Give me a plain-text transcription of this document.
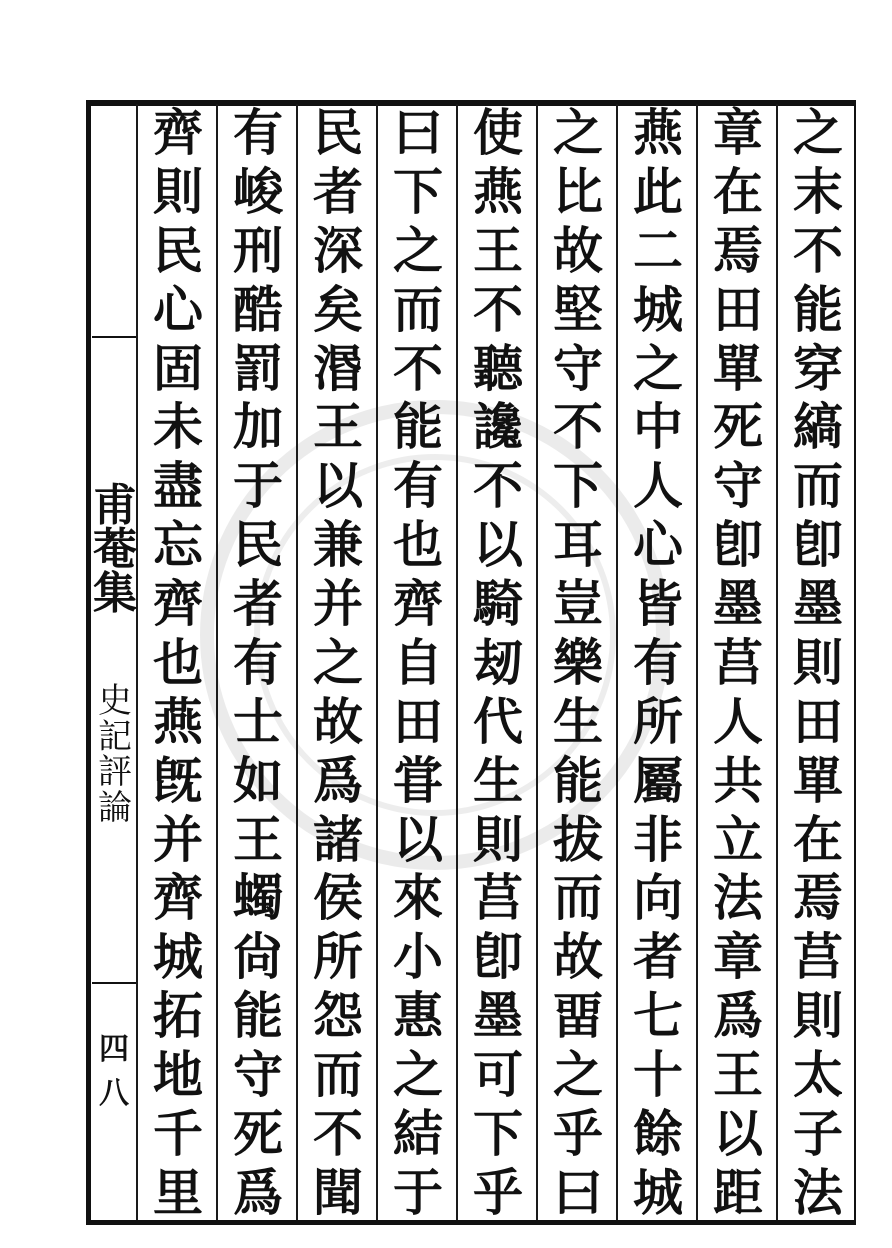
甫
菴
集
史
記
評
論
四八
之
末
不
能
穿
縞
而
卽
墨
則
田
單
在
焉
莒
則
太
子
法
章
在
焉
田
單
死
守
卽
墨
莒
人
共
立
法
章
爲
王
以
距
燕
此
二
城
之
中
人
心
皆
有
所
屬
非
向
者
七
十
餘
城
之
比
故
堅
守
不
下
耳
豈
樂
生
能
拔
而
故
畱
之
乎
曰
使
燕
王
不
聽
讒
不
以
騎
刼
代
生
則
莒
卽
墨
可
下
乎
曰
下
之
而
不
能
有
也
齊
自
田
甞
以
來
小
惠
之
結
于
民
者
深
矣
湣
王
以
兼
并
之
故
爲
諸
侯
所
怨
而
不
聞
有
峻
刑
酷
罰
加
于
民
者
有
士
如
王
蠋
尙
能
守
死
爲
齊
則
民
心
固
未
盡
忘
齊
也
燕
旣
并
齊
城
拓
地
千
里
